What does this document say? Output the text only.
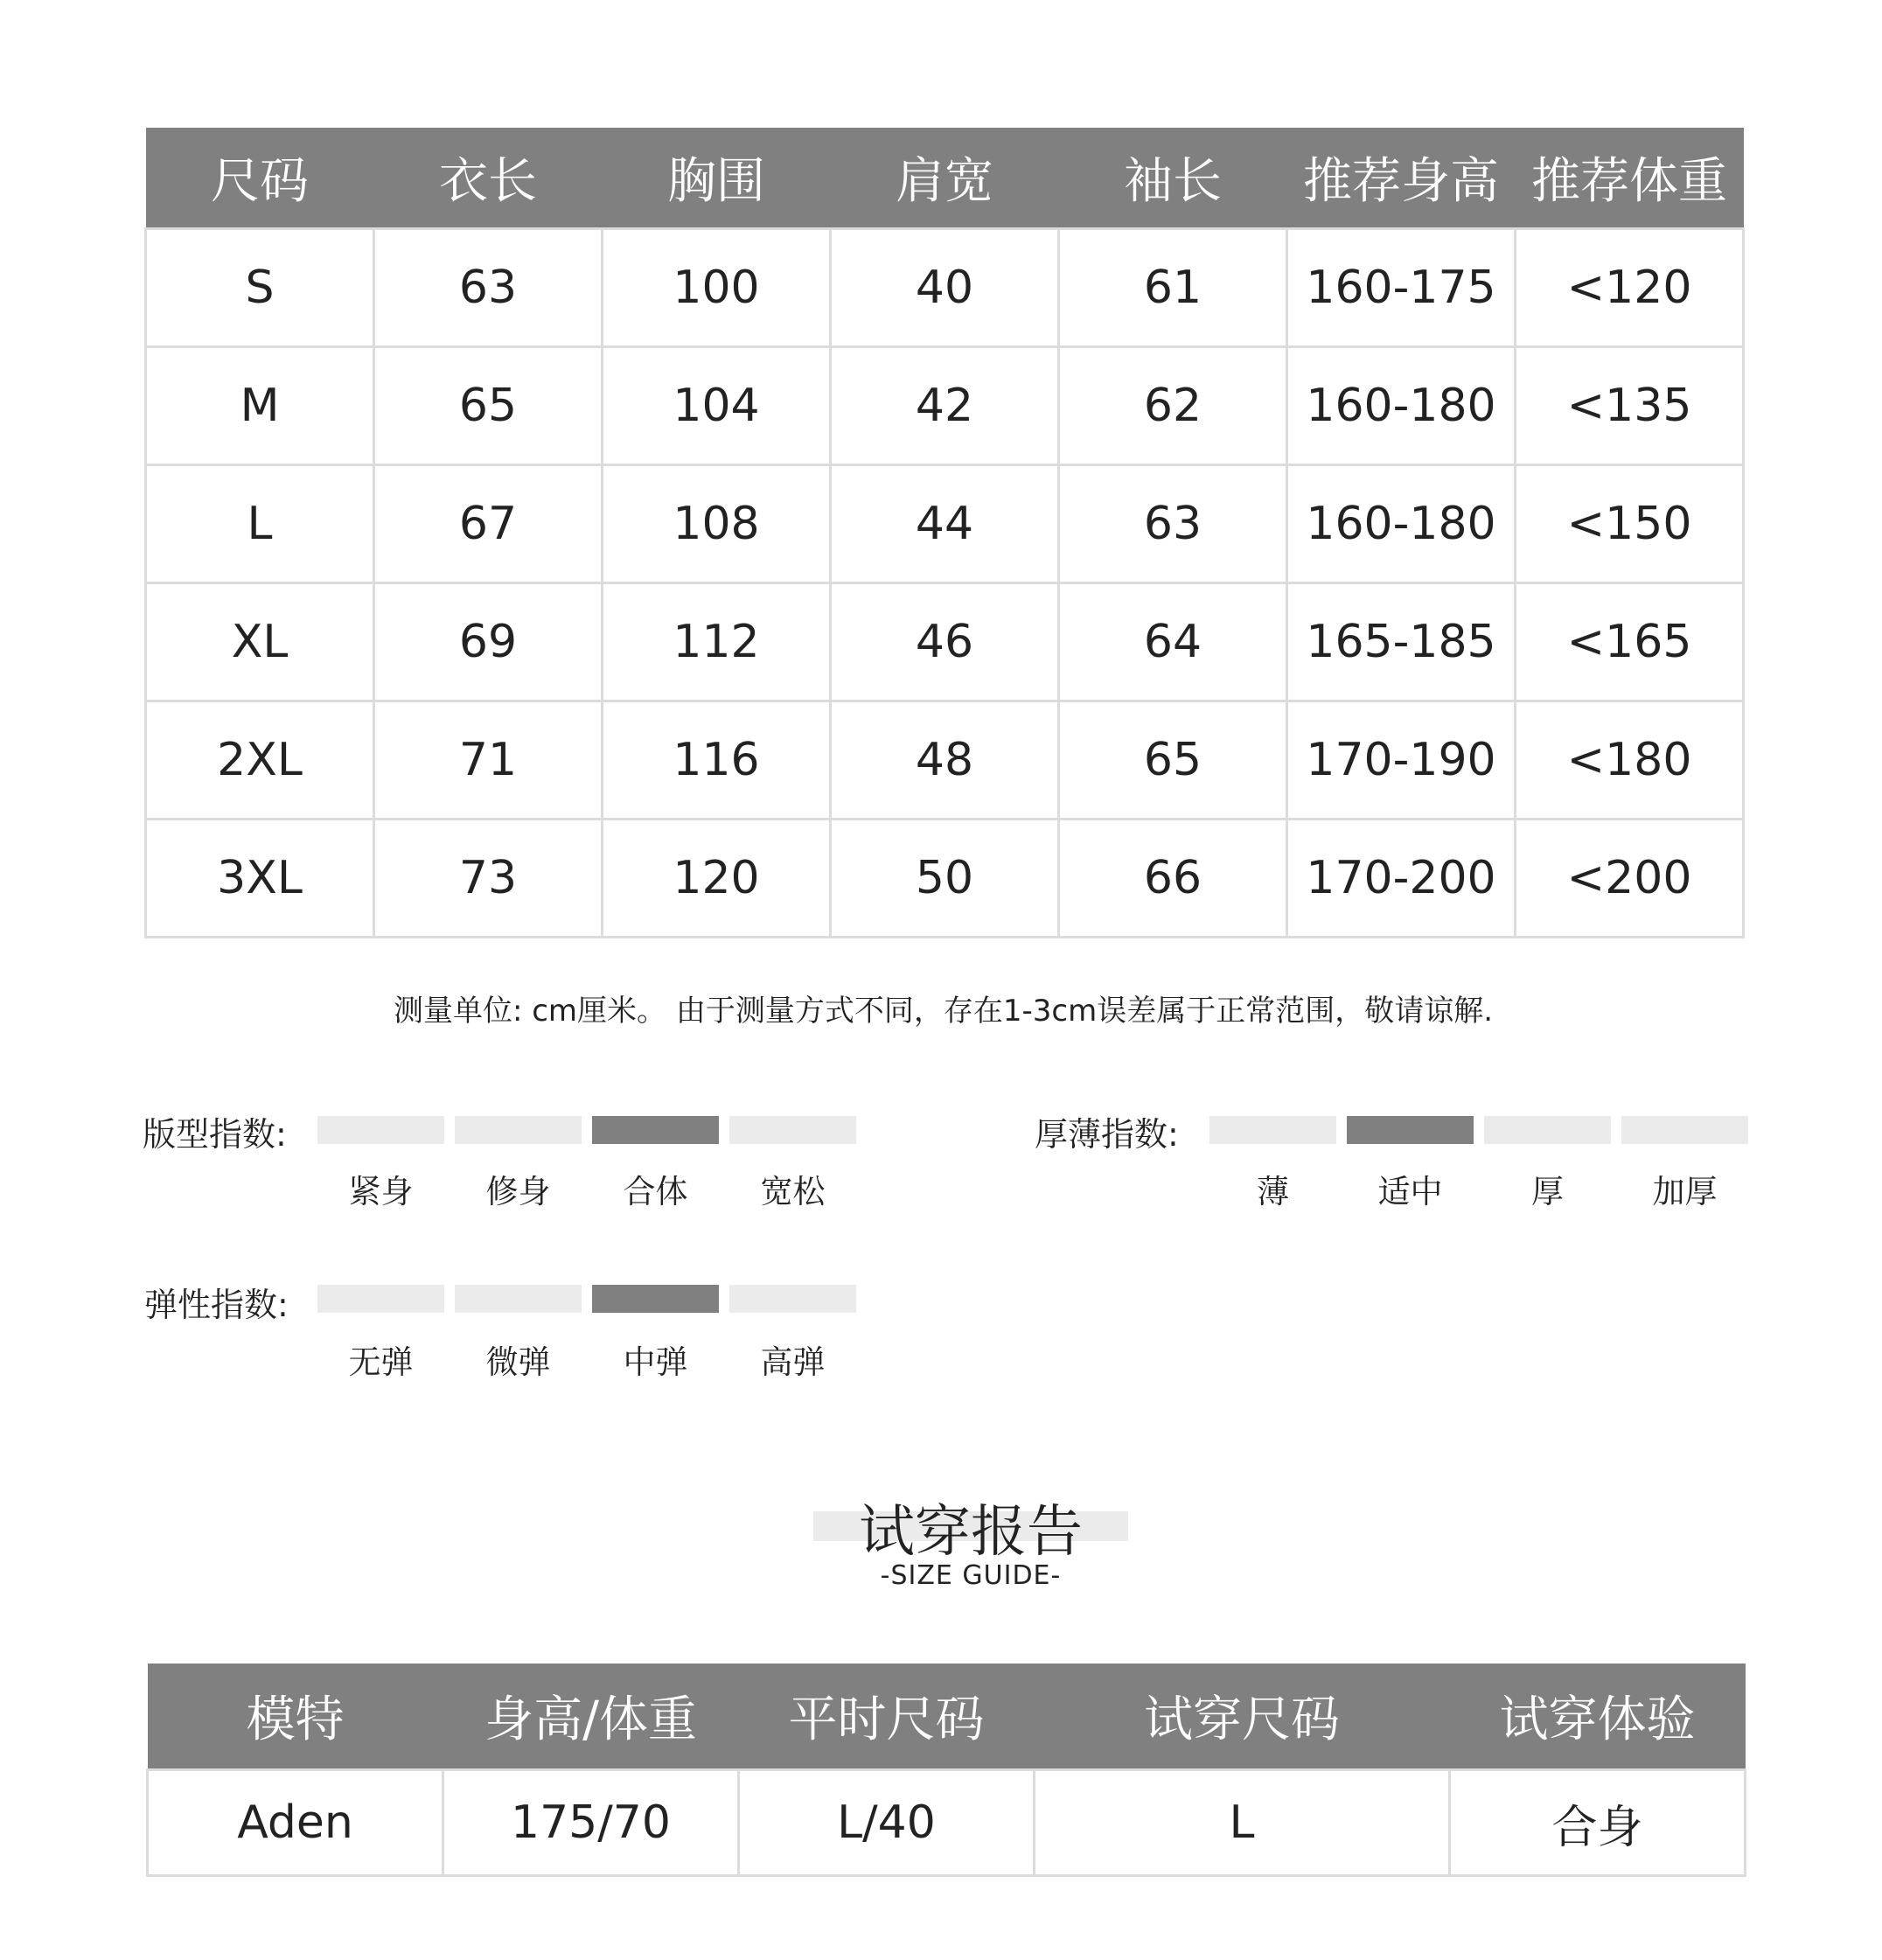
尺码	衣长	胸围	肩宽	袖长	推荐身高	推荐体重
S	63	100	40	61	160-175	<120
M	65	104	42	62	160-180	<135
L	67	108	44	63	160-180	<150
XL	69	112	46	64	165-185	<165
2XL	71	116	48	65	170-190	<180
3XL	73	120	50	66	170-200	<200
测量单位: cm厘米。 由于测量方式不同，存在1-3cm误差属于正常范围，敬请谅解.
版型指数:
紧身	修身	合体	宽松
厚薄指数:
薄	适中	厚	加厚
弹性指数:
无弹	微弹	中弹	高弹
试穿报告
-SIZE GUIDE-
模特	身高/体重	平时尺码	试穿尺码	试穿体验
Aden	175/70	L/40	L	合身
